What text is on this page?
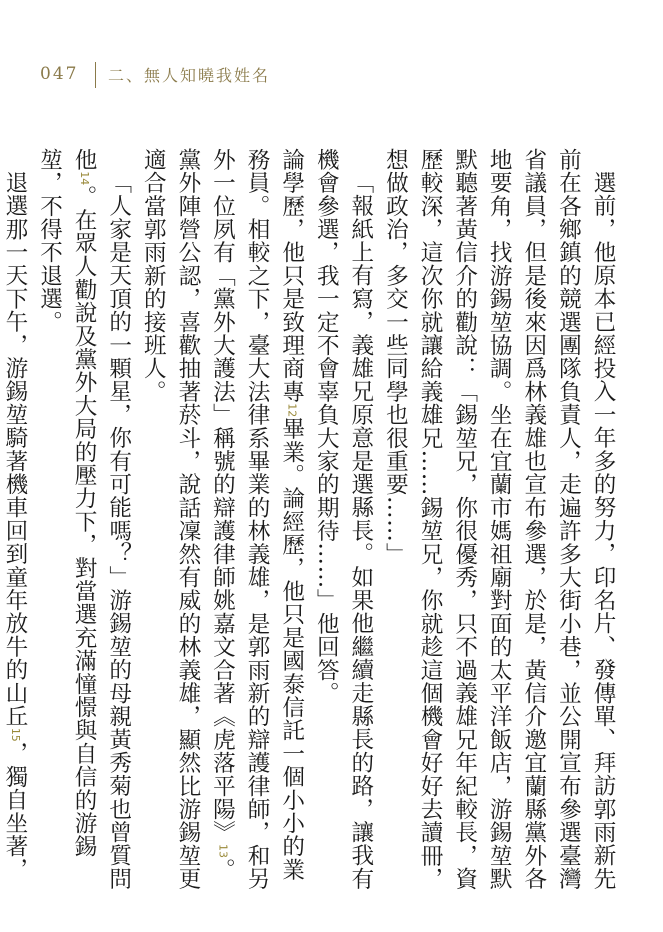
047 二、無人知曉我姓名

選前，他原本已經投入一年多的努力，印名片、發傳單、拜訪郭雨新先前在各鄉鎮的競選團隊負責人，走遍許多大街小巷，並公開宣布參選臺灣省議員，但是後來因爲林義雄也宣布參選，於是，黃信介邀宜蘭縣黨外各地要角，找游錫堃協調。坐在宜蘭市媽祖廟對面的太平洋飯店，游錫堃默默聽著黃信介的勸說：「錫堃兄，你很優秀，只不過義雄兄年紀較長，資歷較深，這次你就讓給義雄兄……錫堃兄，你就趁這個機會好好去讀冊，想做政治，多交一些同學也很重要……」

「報紙上有寫，義雄兄原意是選縣長。如果他繼續走縣長的路，讓我有機會參選，我一定不會辜負大家的期待……」他回答。

論學歷，他只是致理商專12畢業。論經歷，他只是國泰信託一個小小的業務員。相較之下，臺大法律系畢業的林義雄，是郭雨新的辯護律師，和另外一位夙有「黨外大護法」稱號的辯護律師姚嘉文合著《虎落平陽》13。黨外陣營公認，喜歡抽著菸斗，說話凜然有威的林義雄，顯然比游錫堃更適合當郭雨新的接班人。

「人家是天頂的一顆星，你有可能嗎？」游錫堃的母親黃秀菊也曾質問他14。在眾人勸說及黨外大局的壓力下，對當選充滿憧憬與自信的游錫堃，不得不退選。

退選那一天下午，游錫堃騎著機車回到童年放牛的山丘15，獨自坐著，
